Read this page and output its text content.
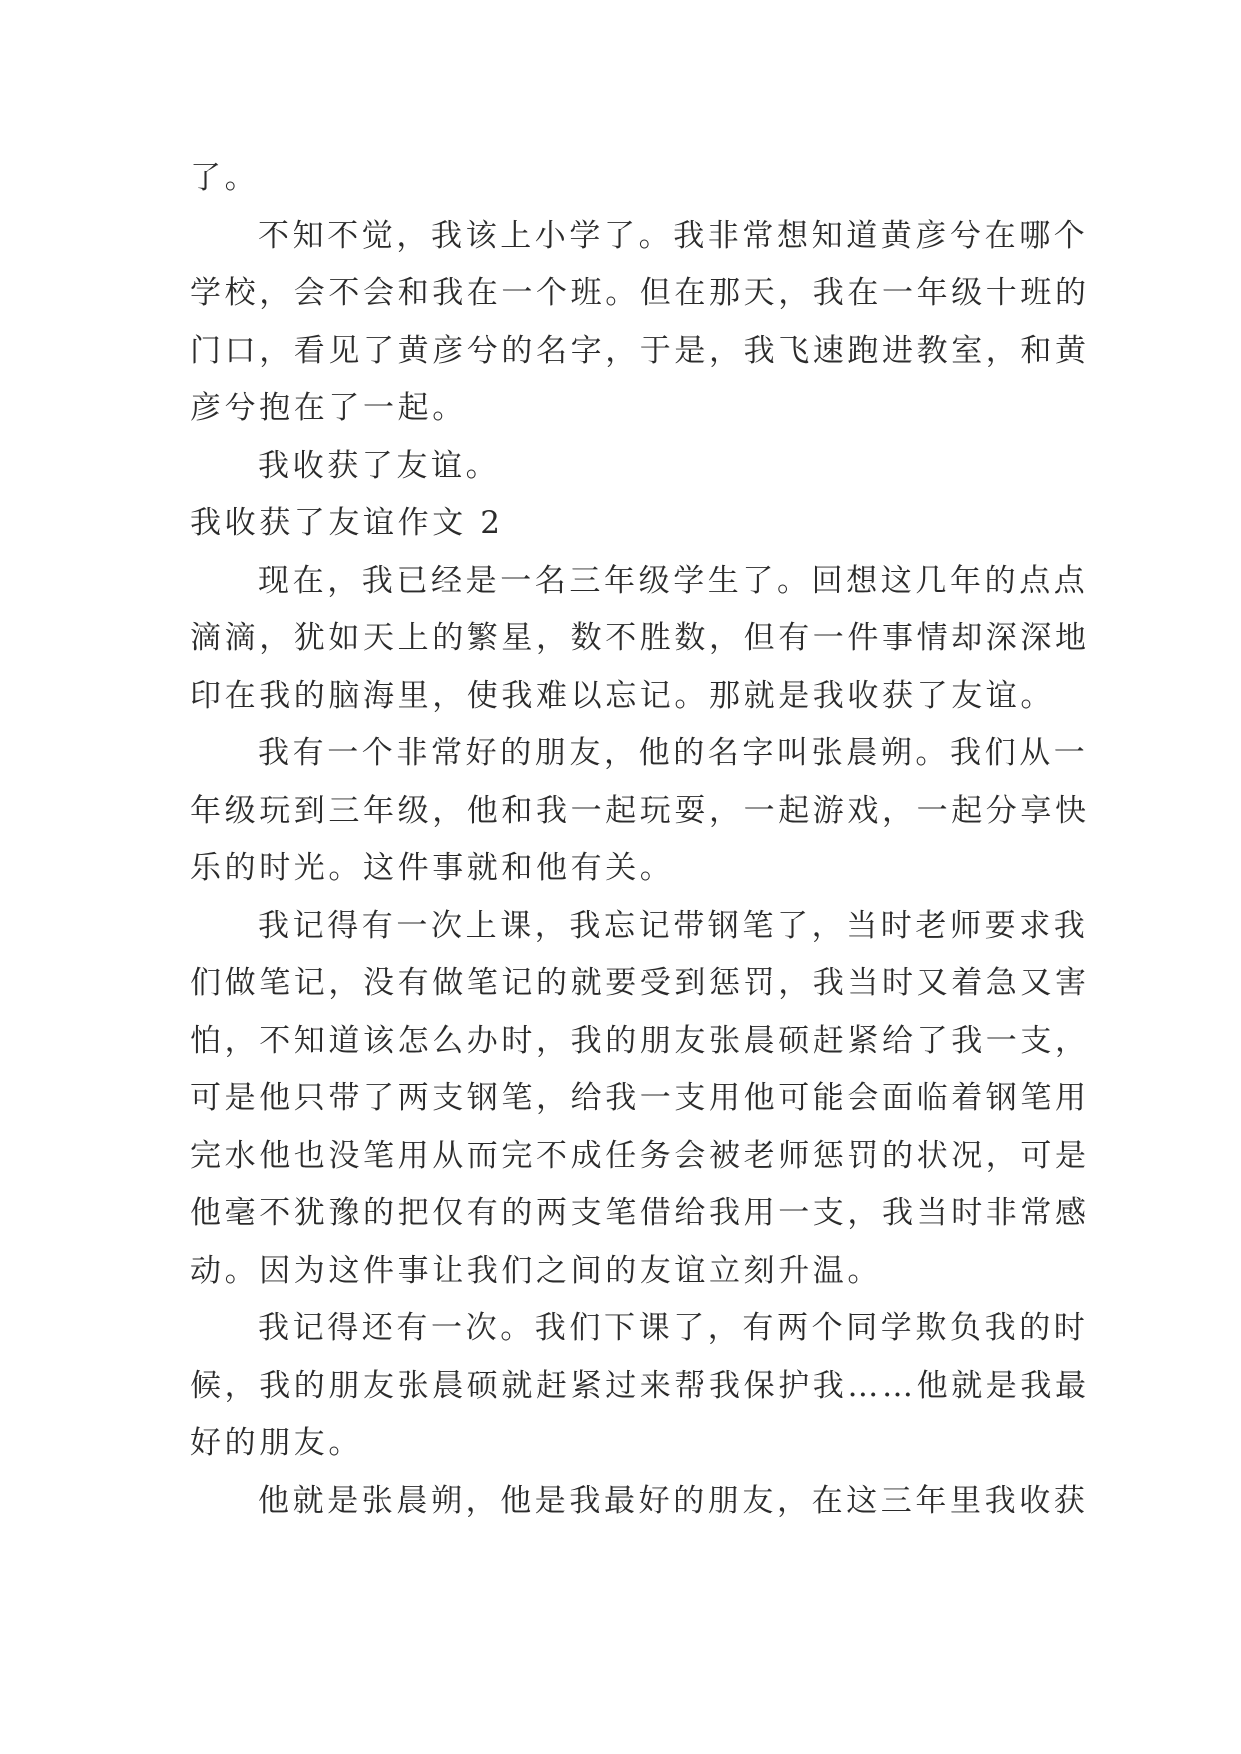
了。
不知不觉，我该上小学了。我非常想知道黄彦兮在哪个
学校，会不会和我在一个班。但在那天，我在一年级十班的
门口，看见了黄彦兮的名字，于是，我飞速跑进教室，和黄
彦兮抱在了一起。
我收获了友谊。
我收获了友谊作文 2
现在，我已经是一名三年级学生了。回想这几年的点点
滴滴，犹如天上的繁星，数不胜数，但有一件事情却深深地
印在我的脑海里，使我难以忘记。那就是我收获了友谊。
我有一个非常好的朋友，他的名字叫张晨朔。我们从一
年级玩到三年级，他和我一起玩耍，一起游戏，一起分享快
乐的时光。这件事就和他有关。
我记得有一次上课，我忘记带钢笔了，当时老师要求我
们做笔记，没有做笔记的就要受到惩罚，我当时又着急又害
怕，不知道该怎么办时，我的朋友张晨硕赶紧给了我一支，
可是他只带了两支钢笔，给我一支用他可能会面临着钢笔用
完水他也没笔用从而完不成任务会被老师惩罚的状况，可是
他毫不犹豫的把仅有的两支笔借给我用一支，我当时非常感
动。因为这件事让我们之间的友谊立刻升温。
我记得还有一次。我们下课了，有两个同学欺负我的时
候，我的朋友张晨硕就赶紧过来帮我保护我……他就是我最
好的朋友。
他就是张晨朔，他是我最好的朋友，在这三年里我收获
